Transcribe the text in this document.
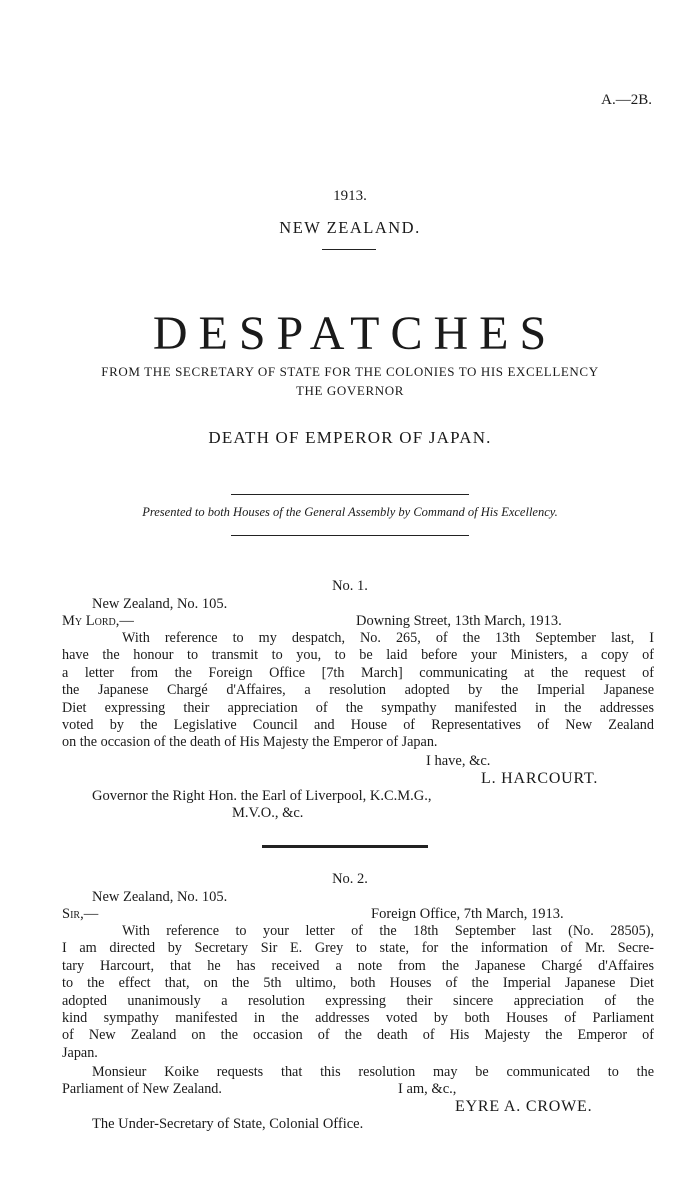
A.—2B.
1913.
NEW ZEALAND.
DESPATCHES
FROM THE SECRETARY OF STATE FOR THE COLONIES TO HIS EXCELLENCY
THE GOVERNOR
DEATH OF EMPEROR OF JAPAN.
Presented to both Houses of the General Assembly by Command of His Excellency.
No. 1.
New Zealand, No. 105.
My Lord,—	Downing Street, 13th March, 1913.
With reference to my despatch, No. 265, of the 13th September last, I
have the honour to transmit to you, to be laid before your Ministers, a copy of
a letter from the Foreign Office [7th March] communicating at the request of
the Japanese Chargé d'Affaires, a resolution adopted by the Imperial Japanese
Diet expressing their appreciation of the sympathy manifested in the addresses
voted by the Legislative Council and House of Representatives of New Zealand
on the occasion of the death of His Majesty the Emperor of Japan.
I have, &c.
L. HARCOURT.
Governor the Right Hon. the Earl of Liverpool, K.C.M.G.,
M.V.O., &c.
No. 2.
New Zealand, No. 105.
Sir,—	Foreign Office, 7th March, 1913.
With reference to your letter of the 18th September last (No. 28505),
I am directed by Secretary Sir E. Grey to state, for the information of Mr. Secre-
tary Harcourt, that he has received a note from the Japanese Chargé d'Affaires
to the effect that, on the 5th ultimo, both Houses of the Imperial Japanese Diet
adopted unanimously a resolution expressing their sincere appreciation of the
kind sympathy manifested in the addresses voted by both Houses of Parliament
of New Zealand on the occasion of the death of His Majesty the Emperor of
Japan.
Monsieur Koike requests that this resolution may be communicated to the
Parliament of New Zealand.	I am, &c.,
EYRE A. CROWE.
The Under-Secretary of State, Colonial Office.
